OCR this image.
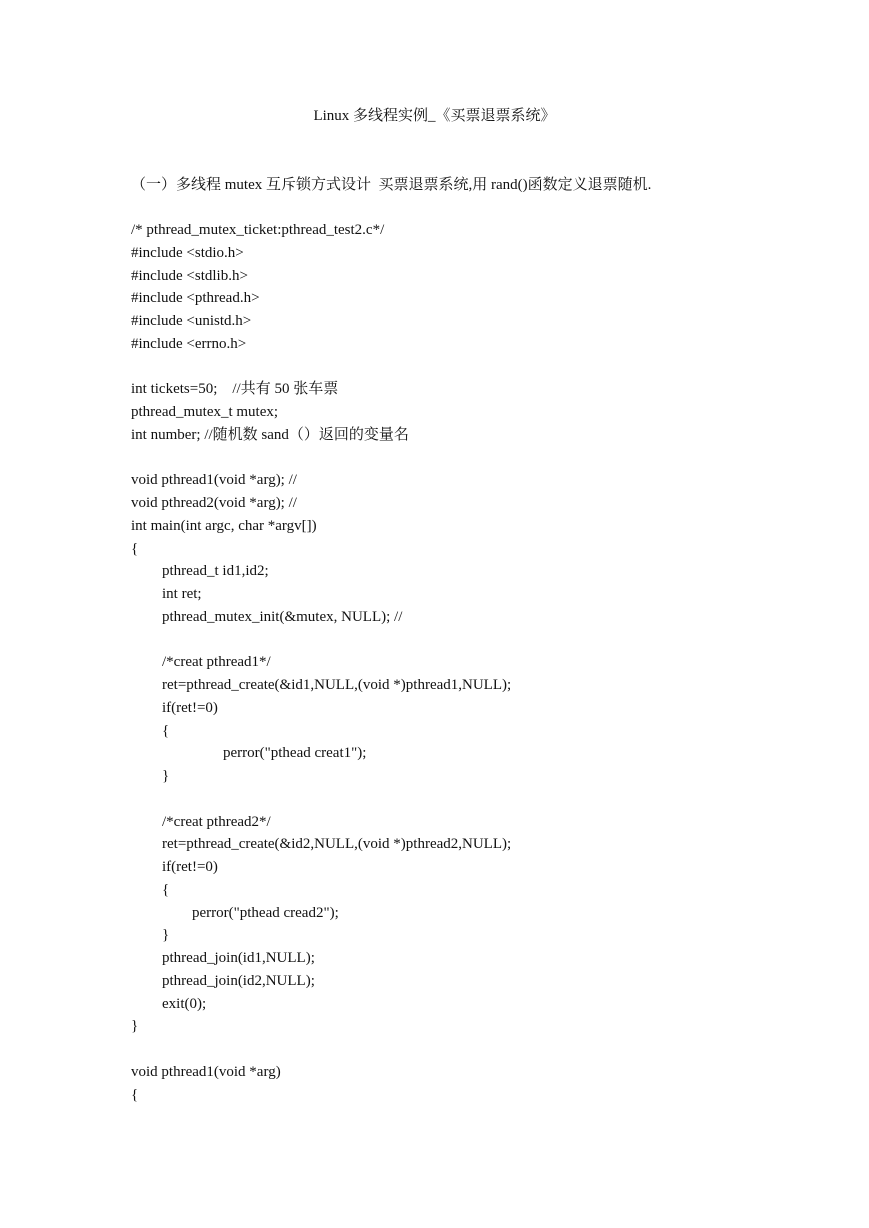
Linux 多线程实例_《买票退票系统》

（一）多线程 mutex 互斥锁方式设计  买票退票系统,用 rand()函数定义退票随机.

/* pthread_mutex_ticket:pthread_test2.c*/
#include <stdio.h>
#include <stdlib.h>
#include <pthread.h>
#include <unistd.h>
#include <errno.h>
int tickets=50;    //共有 50 张车票
pthread_mutex_t mutex;
int number; //随机数 sand（）返回的变量名
void pthread1(void *arg); //
void pthread2(void *arg); //
int main(int argc, char *argv[])
{
pthread_t id1,id2;
int ret;
pthread_mutex_init(&mutex, NULL); //
/*creat pthread1*/
ret=pthread_create(&id1,NULL,(void *)pthread1,NULL);
if(ret!=0)
{
perror("pthead creat1");
}
/*creat pthread2*/
ret=pthread_create(&id2,NULL,(void *)pthread2,NULL);
if(ret!=0)
{
perror("pthead cread2");
}
pthread_join(id1,NULL);
pthread_join(id2,NULL);
exit(0);
}
void pthread1(void *arg)
{
